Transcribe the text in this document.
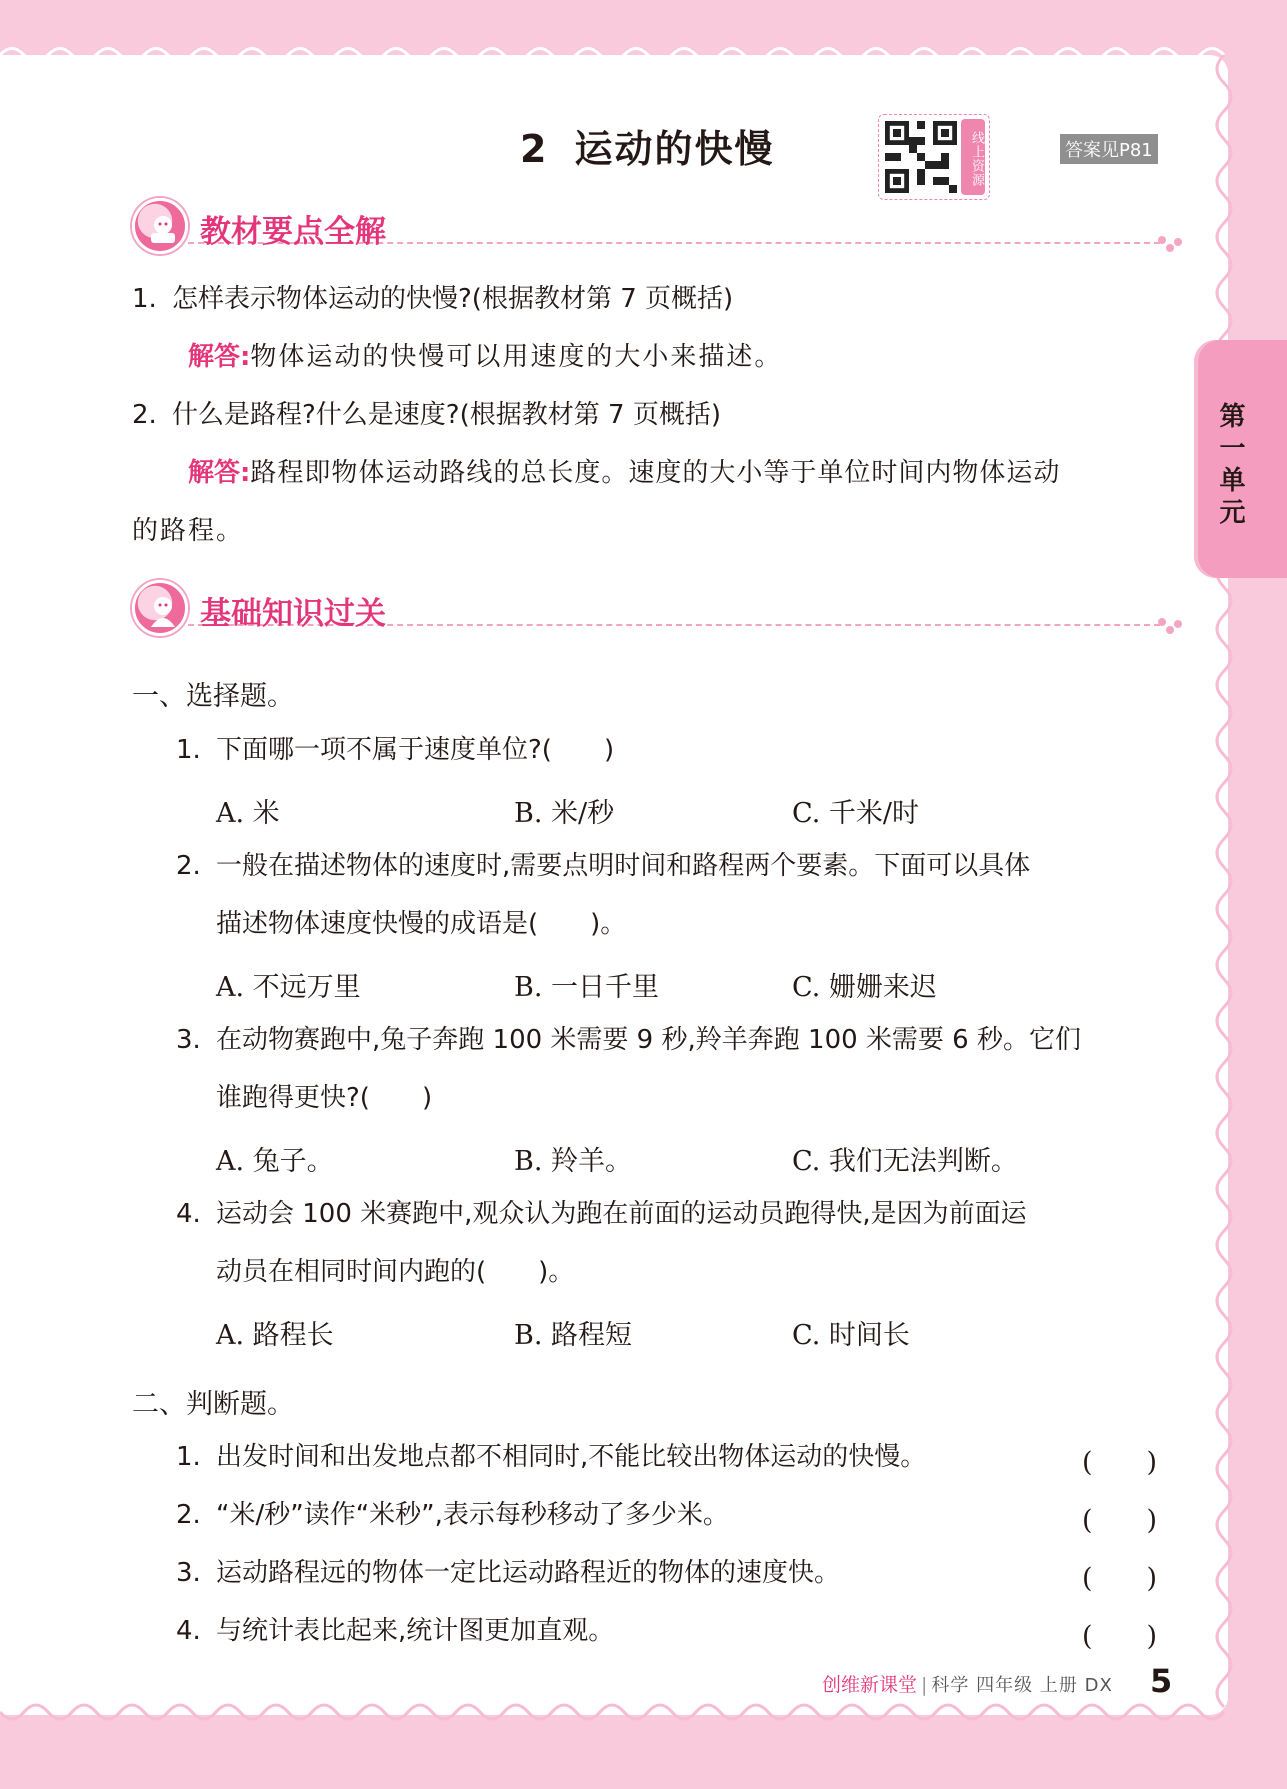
2 运动的快慢	线上资源	答案见P81
教材要点全解
1. 怎样表示物体运动的快慢?(根据教材第 7 页概括)
解答:物体运动的快慢可以用速度的大小来描述。
2. 什么是路程?什么是速度?(根据教材第 7 页概括)
解答:路程即物体运动路线的总长度。速度的大小等于单位时间内物体运动
的路程。
基础知识过关
一、选择题。
1. 下面哪一项不属于速度单位?(　　)
A. 米	B. 米/秒	C. 千米/时
2. 一般在描述物体的速度时,需要点明时间和路程两个要素。下面可以具体
描述物体速度快慢的成语是(　　)。
A. 不远万里	B. 一日千里	C. 姗姗来迟
3. 在动物赛跑中,兔子奔跑 100 米需要 9 秒,羚羊奔跑 100 米需要 6 秒。它们
谁跑得更快?(　　)
A. 兔子。	B. 羚羊。	C. 我们无法判断。
4. 运动会 100 米赛跑中,观众认为跑在前面的运动员跑得快,是因为前面运
动员在相同时间内跑的(　　)。
A. 路程长	B. 路程短	C. 时间长
二、判断题。
1. 出发时间和出发地点都不相同时,不能比较出物体运动的快慢。	(　　)
2. “米/秒”读作“米秒”,表示每秒移动了多少米。	(　　)
3. 运动路程远的物体一定比运动路程近的物体的速度快。	(　　)
4. 与统计表比起来,统计图更加直观。	(　　)
第一单元
创维新课堂 | 科学 四年级 上册 DX 5
